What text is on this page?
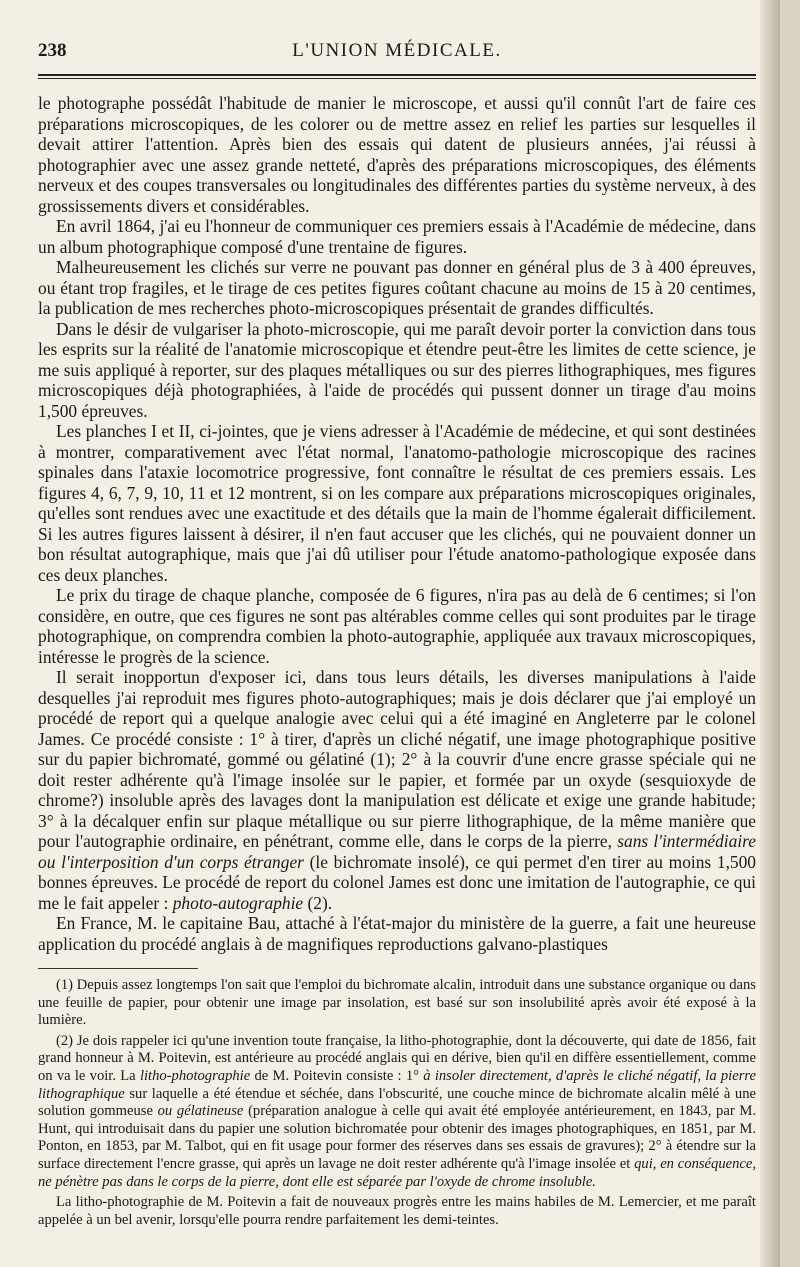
238	L'UNION MÉDICALE.

le photographe possédât l'habitude de manier le microscope, et aussi qu'il connût l'art de faire ces préparations microscopiques, de les colorer ou de mettre assez en relief les parties sur lesquelles il devait attirer l'attention. Après bien des essais qui datent de plusieurs années, j'ai réussi à photographier avec une assez grande netteté, d'après des préparations microscopiques, des éléments nerveux et des coupes transversales ou longitudinales des différentes parties du système nerveux, à des grossissements divers et considérables.

En avril 1864, j'ai eu l'honneur de communiquer ces premiers essais à l'Académie de médecine, dans un album photographique composé d'une trentaine de figures.

Malheureusement les clichés sur verre ne pouvant pas donner en général plus de 3 à 400 épreuves, ou étant trop fragiles, et le tirage de ces petites figures coûtant chacune au moins de 15 à 20 centimes, la publication de mes recherches photo-microscopiques présentait de grandes difficultés.

Dans le désir de vulgariser la photo-microscopie, qui me paraît devoir porter la conviction dans tous les esprits sur la réalité de l'anatomie microscopique et étendre peut-être les limites de cette science, je me suis appliqué à reporter, sur des plaques métalliques ou sur des pierres lithographiques, mes figures microscopiques déjà photographiées, à l'aide de procédés qui pussent donner un tirage d'au moins 1,500 épreuves.

Les planches I et II, ci-jointes, que je viens adresser à l'Académie de médecine, et qui sont destinées à montrer, comparativement avec l'état normal, l'anatomo-pathologie microscopique des racines spinales dans l'ataxie locomotrice progressive, font connaître le résultat de ces premiers essais. Les figures 4, 6, 7, 9, 10, 11 et 12 montrent, si on les compare aux préparations microscopiques originales, qu'elles sont rendues avec une exactitude et des détails que la main de l'homme égalerait difficilement. Si les autres figures laissent à désirer, il n'en faut accuser que les clichés, qui ne pouvaient donner un bon résultat autographique, mais que j'ai dû utiliser pour l'étude anatomo-pathologique exposée dans ces deux planches.

Le prix du tirage de chaque planche, composée de 6 figures, n'ira pas au delà de 6 centimes; si l'on considère, en outre, que ces figures ne sont pas altérables comme celles qui sont produites par le tirage photographique, on comprendra combien la photo-autographie, appliquée aux travaux microscopiques, intéresse le progrès de la science.

Il serait inopportun d'exposer ici, dans tous leurs détails, les diverses manipulations à l'aide desquelles j'ai reproduit mes figures photo-autographiques; mais je dois déclarer que j'ai employé un procédé de report qui a quelque analogie avec celui qui a été imaginé en Angleterre par le colonel James. Ce procédé consiste : 1° à tirer, d'après un cliché négatif, une image photographique positive sur du papier bichromaté, gommé ou gélatiné (1); 2° à la couvrir d'une encre grasse spéciale qui ne doit rester adhérente qu'à l'image insolée sur le papier, et formée par un oxyde (sesquioxyde de chrome?) insoluble après des lavages dont la manipulation est délicate et exige une grande habitude; 3° à la décalquer enfin sur plaque métallique ou sur pierre lithographique, de la même manière que pour l'autographie ordinaire, en pénétrant, comme elle, dans le corps de la pierre, sans l'intermédiaire ou l'interposition d'un corps étranger (le bichromate insolé), ce qui permet d'en tirer au moins 1,500 bonnes épreuves. Le procédé de report du colonel James est donc une imitation de l'autographie, ce qui me le fait appeler : photo-autographie (2).

En France, M. le capitaine Bau, attaché à l'état-major du ministère de la guerre, a fait une heureuse application du procédé anglais à de magnifiques reproductions galvano-plastiques

(1) Depuis assez longtemps l'on sait que l'emploi du bichromate alcalin, introduit dans une substance organique ou dans une feuille de papier, pour obtenir une image par insolation, est basé sur son insolubilité après avoir été exposé à la lumière.

(2) Je dois rappeler ici qu'une invention toute française, la litho-photographie, dont la découverte, qui date de 1856, fait grand honneur à M. Poitevin, est antérieure au procédé anglais qui en dérive, bien qu'il en diffère essentiellement, comme on va le voir. La litho-photographie de M. Poitevin consiste : 1° à insoler directement, d'après le cliché négatif, la pierre lithographique sur laquelle a été étendue et séchée, dans l'obscurité, une couche mince de bichromate alcalin mêlé à une solution gommeuse ou gélatineuse (préparation analogue à celle qui avait été employée antérieurement, en 1843, par M. Hunt, qui introduisait dans du papier une solution bichromatée pour obtenir des images photographiques, en 1851, par M. Ponton, en 1853, par M. Talbot, qui en fit usage pour former des réserves dans ses essais de gravures); 2° à étendre sur la surface directement l'encre grasse, qui après un lavage ne doit rester adhérente qu'à l'image insolée et qui, en conséquence, ne pénètre pas dans le corps de la pierre, dont elle est séparée par l'oxyde de chrome insoluble.

La litho-photographie de M. Poitevin a fait de nouveaux progrès entre les mains habiles de M. Lemercier, et me paraît appelée à un bel avenir, lorsqu'elle pourra rendre parfaitement les demi-teintes.
